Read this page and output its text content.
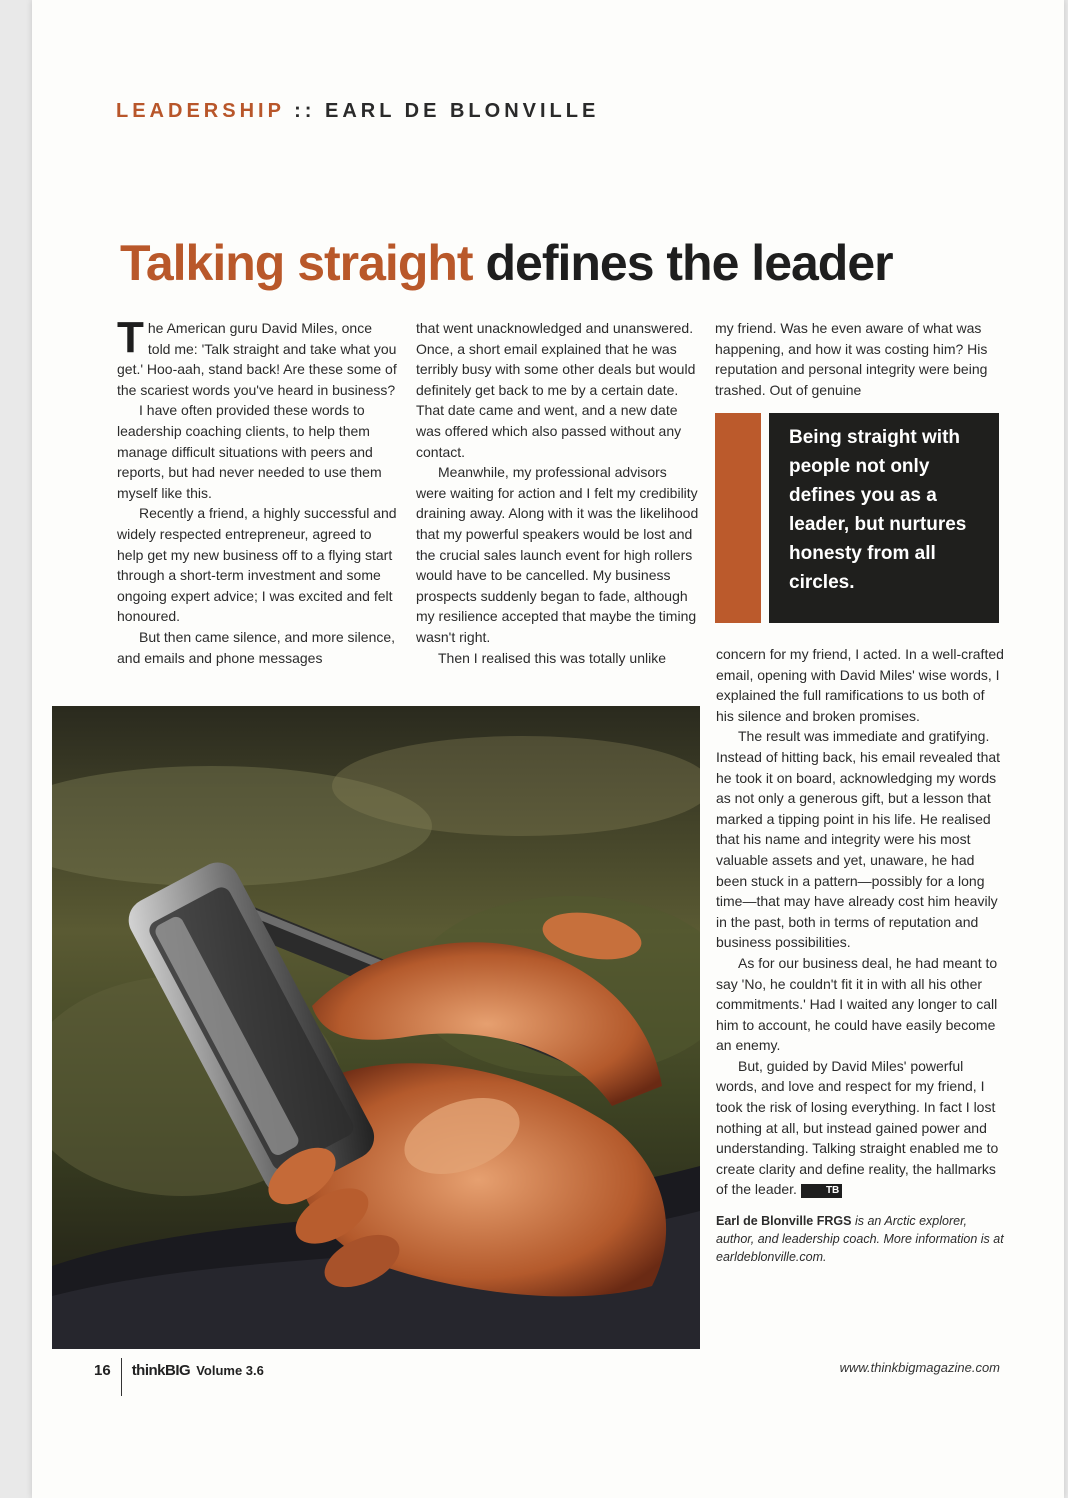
LEADERSHIP :: EARL DE BLONVILLE
Talking straight defines the leader

The American guru David Miles, once told me: 'Talk straight and take what you get.' Hoo-aah, stand back! Are these some of the scariest words you've heard in business?

I have often provided these words to leadership coaching clients, to help them manage difficult situations with peers and reports, but had never needed to use them myself like this.

Recently a friend, a highly successful and widely respected entrepreneur, agreed to help get my new business off to a flying start through a short-term investment and some ongoing expert advice; I was excited and felt honoured.

But then came silence, and more silence, and emails and phone messages

that went unacknowledged and unanswered. Once, a short email explained that he was terribly busy with some other deals but would definitely get back to me by a certain date. That date came and went, and a new date was offered which also passed without any contact.

Meanwhile, my professional advisors were waiting for action and I felt my credibility draining away. Along with it was the likelihood that my powerful speakers would be lost and the crucial sales launch event for high rollers would have to be cancelled. My business prospects suddenly began to fade, although my resilience accepted that maybe the timing wasn't right.

Then I realised this was totally unlike

my friend. Was he even aware of what was happening, and how it was costing him? His reputation and personal integrity were being trashed. Out of genuine

Being straight with people not only defines you as a leader, but nurtures honesty from all circles.

concern for my friend, I acted. In a well-crafted email, opening with David Miles' wise words, I explained the full ramifications to us both of his silence and broken promises.

The result was immediate and gratifying. Instead of hitting back, his email revealed that he took it on board, acknowledging my words as not only a generous gift, but a lesson that marked a tipping point in his life. He realised that his name and integrity were his most valuable assets and yet, unaware, he had been stuck in a pattern—possibly for a long time—that may have already cost him heavily in the past, both in terms of reputation and business possibilities.

As for our business deal, he had meant to say 'No, he couldn't fit it in with all his other commitments.' Had I waited any longer to call him to account, he could have easily become an enemy.

But, guided by David Miles' powerful words, and love and respect for my friend, I took the risk of losing everything. In fact I lost nothing at all, but instead gained power and understanding. Talking straight enabled me to create clarity and define reality, the hallmarks of the leader.	TB

Earl de Blonville FRGS is an Arctic explorer, author, and leadership coach. More information is at earldeblonville.com.

16 thinkBIG Volume 3.6	www.thinkbigmagazine.com
